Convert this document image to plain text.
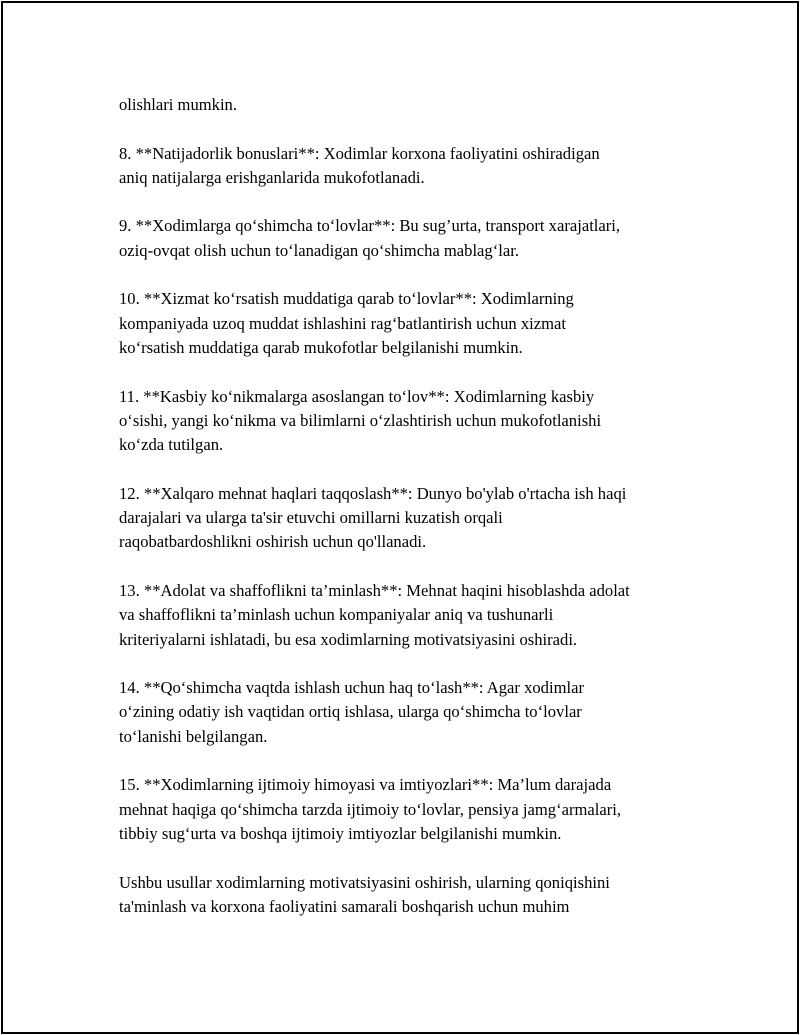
olishlari mumkin.

8. **Natijadorlik bonuslari**: Xodimlar korxona faoliyatini oshiradigan
aniq natijalarga erishganlarida mukofotlanadi.

9. **Xodimlarga qo‘shimcha to‘lovlar**: Bu sug’urta, transport xarajatlari,
oziq-ovqat olish uchun to‘lanadigan qo‘shimcha mablag‘lar.

10. **Xizmat ko‘rsatish muddatiga qarab to‘lovlar**: Xodimlarning
kompaniyada uzoq muddat ishlashini rag‘batlantirish uchun xizmat
ko‘rsatish muddatiga qarab mukofotlar belgilanishi mumkin.

11. **Kasbiy ko‘nikmalarga asoslangan to‘lov**: Xodimlarning kasbiy
o‘sishi, yangi ko‘nikma va bilimlarni o‘zlashtirish uchun mukofotlanishi
ko‘zda tutilgan.

12. **Xalqaro mehnat haqlari taqqoslash**: Dunyo bo'ylab o'rtacha ish haqi
darajalari va ularga ta'sir etuvchi omillarni kuzatish orqali
raqobatbardoshlikni oshirish uchun qo'llanadi.

13. **Adolat va shaffoflikni ta’minlash**: Mehnat haqini hisoblashda adolat
va shaffoflikni ta’minlash uchun kompaniyalar aniq va tushunarli
kriteriyalarni ishlatadi, bu esa xodimlarning motivatsiyasini oshiradi.

14. **Qo‘shimcha vaqtda ishlash uchun haq to‘lash**: Agar xodimlar
o‘zining odatiy ish vaqtidan ortiq ishlasa, ularga qo‘shimcha to‘lovlar
to‘lanishi belgilangan.

15. **Xodimlarning ijtimoiy himoyasi va imtiyozlari**: Ma’lum darajada
mehnat haqiga qo‘shimcha tarzda ijtimoiy to‘lovlar, pensiya jamg‘armalari,
tibbiy sug‘urta va boshqa ijtimoiy imtiyozlar belgilanishi mumkin.

Ushbu usullar xodimlarning motivatsiyasini oshirish, ularning qoniqishini
ta'minlash va korxona faoliyatini samarali boshqarish uchun muhim
